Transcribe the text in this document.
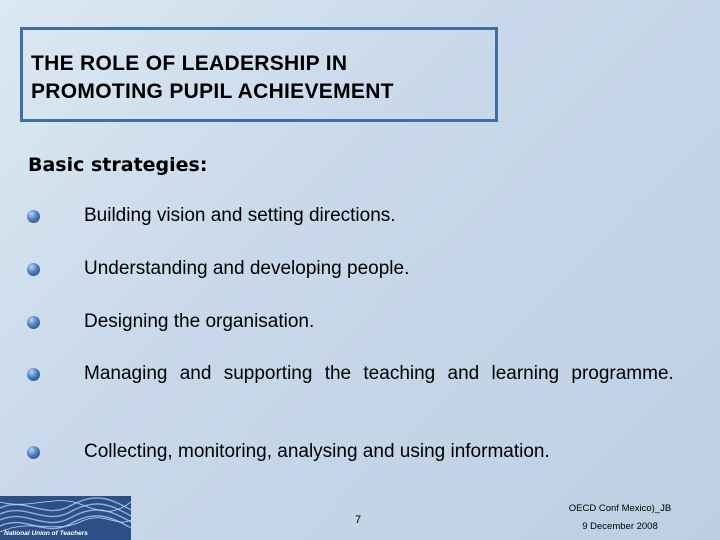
THE ROLE OF LEADERSHIP IN
PROMOTING PUPIL ACHIEVEMENT
Basic strategies:
Building vision and setting directions.
Understanding and developing people.
Designing the organisation.
Managing and supporting the teaching and learning programme.
Collecting, monitoring, analysing and using information.
National Union of Teachers
7
OECD Conf Mexico)_JB
9 December 2008
